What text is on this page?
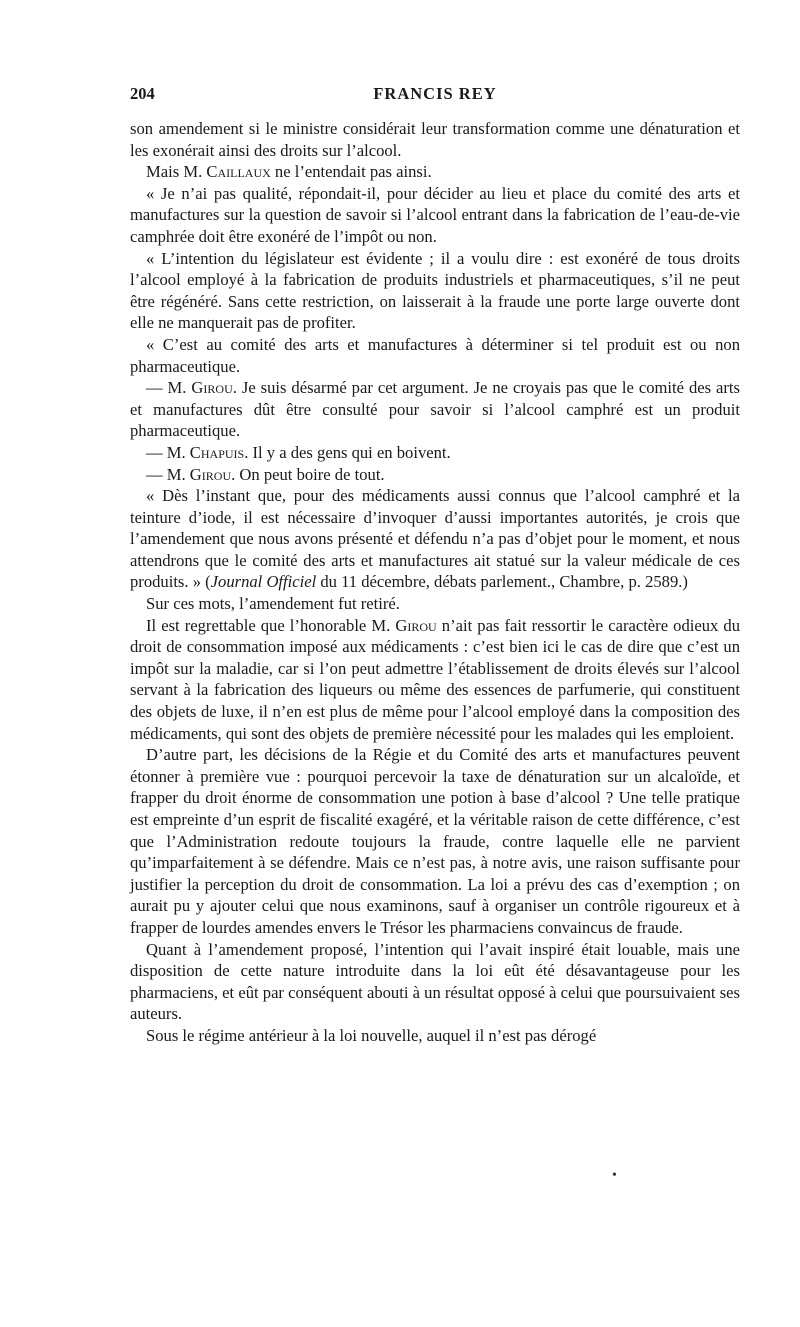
204	FRANCIS REY

son amendement si le ministre considérait leur transformation comme une dénaturation et les exonérait ainsi des droits sur l’alcool.

Mais M. Caillaux ne l’entendait pas ainsi.

« Je n’ai pas qualité, répondait-il, pour décider au lieu et place du comité des arts et manufactures sur la question de savoir si l’alcool entrant dans la fabrication de l’eau-de-vie camphrée doit être exonéré de l’impôt ou non.

« L’intention du législateur est évidente ; il a voulu dire : est exonéré de tous droits l’alcool employé à la fabrication de produits industriels et pharmaceutiques, s’il ne peut être régénéré. Sans cette restriction, on laisserait à la fraude une porte large ouverte dont elle ne manquerait pas de profiter.

« C’est au comité des arts et manufactures à déterminer si tel produit est ou non pharmaceutique.

— M. Girou. Je suis désarmé par cet argument. Je ne croyais pas que le comité des arts et manufactures dût être consulté pour savoir si l’alcool camphré est un produit pharmaceutique.

— M. Chapuis. Il y a des gens qui en boivent.

— M. Girou. On peut boire de tout.

« Dès l’instant que, pour des médicaments aussi connus que l’alcool camphré et la teinture d’iode, il est nécessaire d’invoquer d’aussi importantes autorités, je crois que l’amendement que nous avons présenté et défendu n’a pas d’objet pour le moment, et nous attendrons que le comité des arts et manufactures ait statué sur la valeur médicale de ces produits. » (Journal Officiel du 11 décembre, débats parlement., Chambre, p. 2589.)

Sur ces mots, l’amendement fut retiré.

Il est regrettable que l’honorable M. Girou n’ait pas fait ressortir le caractère odieux du droit de consommation imposé aux médicaments : c’est bien ici le cas de dire que c’est un impôt sur la maladie, car si l’on peut admettre l’établissement de droits élevés sur l’alcool servant à la fabrication des liqueurs ou même des essences de parfumerie, qui constituent des objets de luxe, il n’en est plus de même pour l’alcool employé dans la composition des médicaments, qui sont des objets de première nécessité pour les malades qui les emploient.

D’autre part, les décisions de la Régie et du Comité des arts et manufactures peuvent étonner à première vue : pourquoi percevoir la taxe de dénaturation sur un alcaloïde, et frapper du droit énorme de consommation une potion à base d’alcool ? Une telle pratique est empreinte d’un esprit de fiscalité exagéré, et la véritable raison de cette différence, c’est que l’Administration redoute toujours la fraude, contre laquelle elle ne parvient qu’imparfaitement à se défendre. Mais ce n’est pas, à notre avis, une raison suffisante pour justifier la perception du droit de consommation. La loi a prévu des cas d’exemption ; on aurait pu y ajouter celui que nous examinons, sauf à organiser un contrôle rigoureux et à frapper de lourdes amendes envers le Trésor les pharmaciens convaincus de fraude.

Quant à l’amendement proposé, l’intention qui l’avait inspiré était louable, mais une disposition de cette nature introduite dans la loi eût été désavantageuse pour les pharmaciens, et eût par conséquent abouti à un résultat opposé à celui que poursuivaient ses auteurs.

Sous le régime antérieur à la loi nouvelle, auquel il n’est pas dérogé

•
